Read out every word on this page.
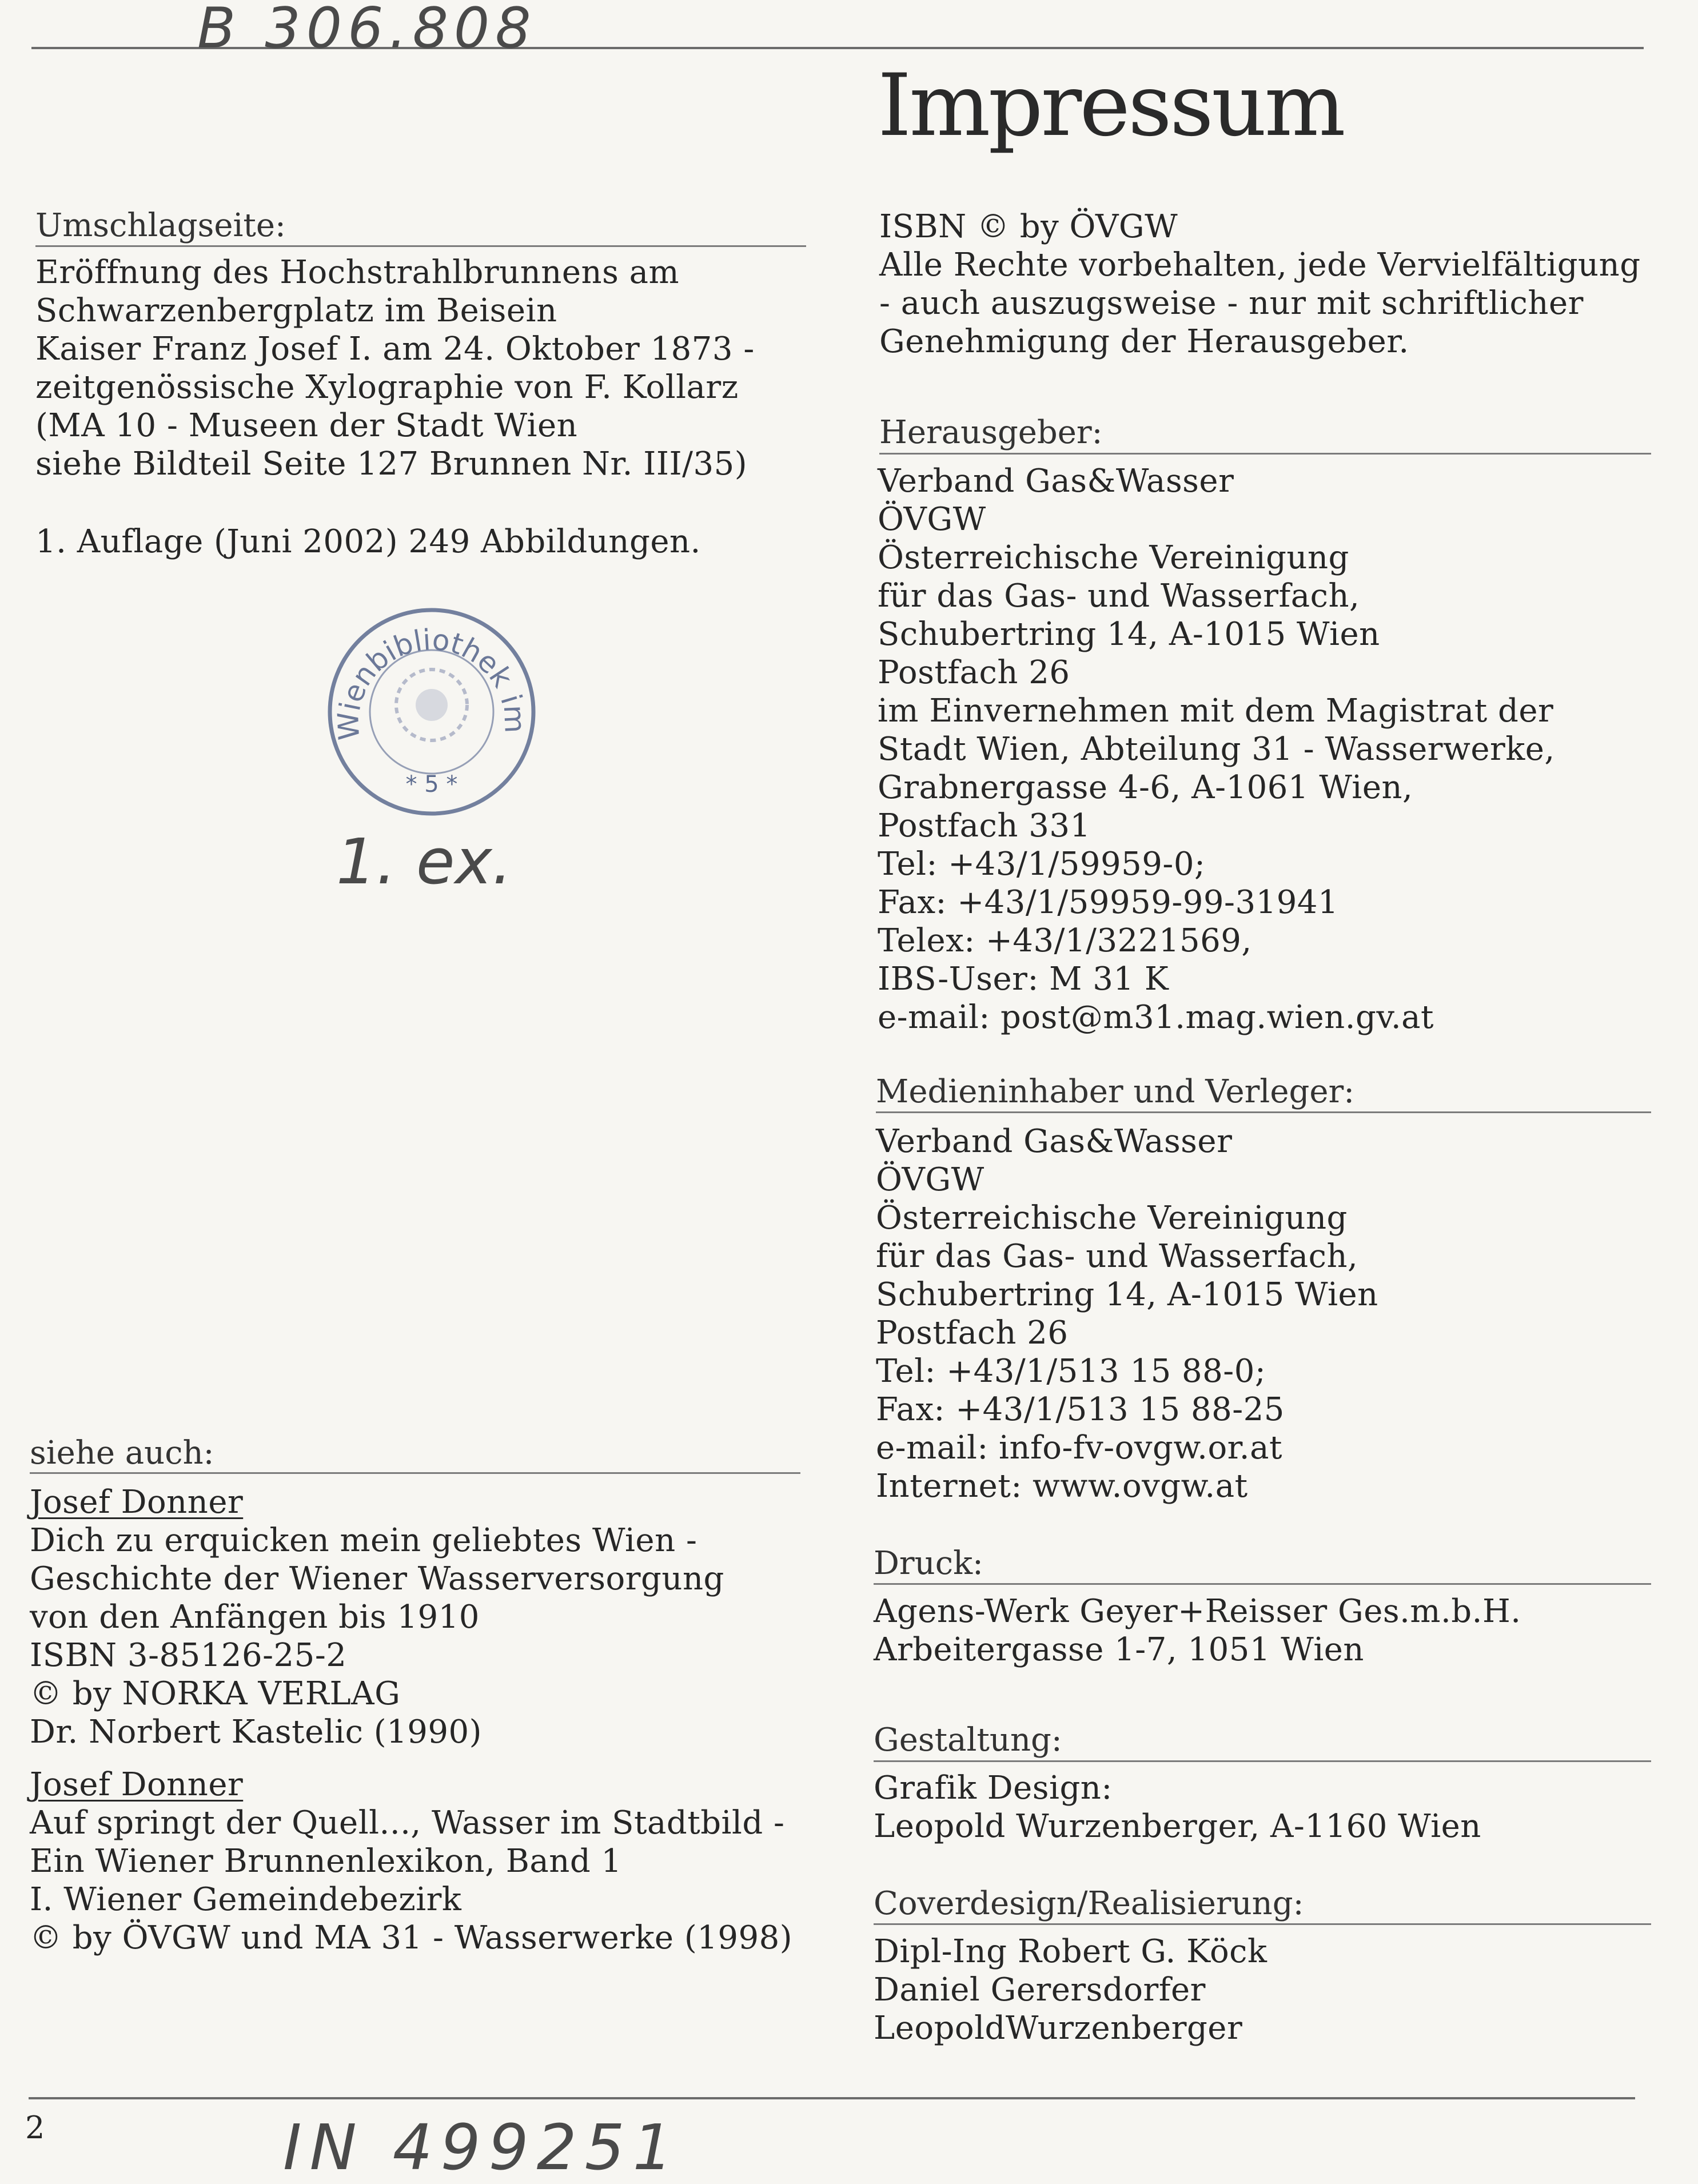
B 306.808
Impressum
Umschlagseite:
Eröffnung des Hochstrahlbrunnens am
Schwarzenbergplatz im Beisein
Kaiser Franz Josef I. am 24. Oktober 1873 -
zeitgenössische Xylographie von F. Kollarz
(MA 10 - Museen der Stadt Wien
siehe Bildteil Seite 127 Brunnen Nr. III/35)
1. Auflage (Juni 2002) 249 Abbildungen.
Wienbibliothek im
* 5 *
1. ex.
siehe auch:
Josef Donner
Dich zu erquicken mein geliebtes Wien -
Geschichte der Wiener Wasserversorgung
von den Anfängen bis 1910
ISBN 3-85126-25-2
© by NORKA VERLAG
Dr. Norbert Kastelic (1990)
Josef Donner
Auf springt der Quell..., Wasser im Stadtbild -
Ein Wiener Brunnenlexikon, Band 1
I. Wiener Gemeindebezirk
© by ÖVGW und MA 31 - Wasserwerke (1998)
ISBN © by ÖVGW
Alle Rechte vorbehalten, jede Vervielfältigung
- auch auszugsweise - nur mit schriftlicher
Genehmigung der Herausgeber.
Herausgeber:
Verband Gas&Wasser
ÖVGW
Österreichische Vereinigung
für das Gas- und Wasserfach,
Schubertring 14, A-1015 Wien
Postfach 26
im Einvernehmen mit dem Magistrat der
Stadt Wien, Abteilung 31 - Wasserwerke,
Grabnergasse 4-6, A-1061 Wien,
Postfach 331
Tel: +43/1/59959-0;
Fax: +43/1/59959-99-31941
Telex: +43/1/3221569,
IBS-User: M 31 K
e-mail: post@m31.mag.wien.gv.at
Medieninhaber und Verleger:
Verband Gas&Wasser
ÖVGW
Österreichische Vereinigung
für das Gas- und Wasserfach,
Schubertring 14, A-1015 Wien
Postfach 26
Tel: +43/1/513 15 88-0;
Fax: +43/1/513 15 88-25
e-mail: info-fv-ovgw.or.at
Internet: www.ovgw.at
Druck:
Agens-Werk Geyer+Reisser Ges.m.b.H.
Arbeitergasse 1-7, 1051 Wien
Gestaltung:
Grafik Design:
Leopold Wurzenberger, A-1160 Wien
Coverdesign/Realisierung:
Dipl-Ing Robert G. Köck
Daniel Gerersdorfer
LeopoldWurzenberger
2	IN 499251
